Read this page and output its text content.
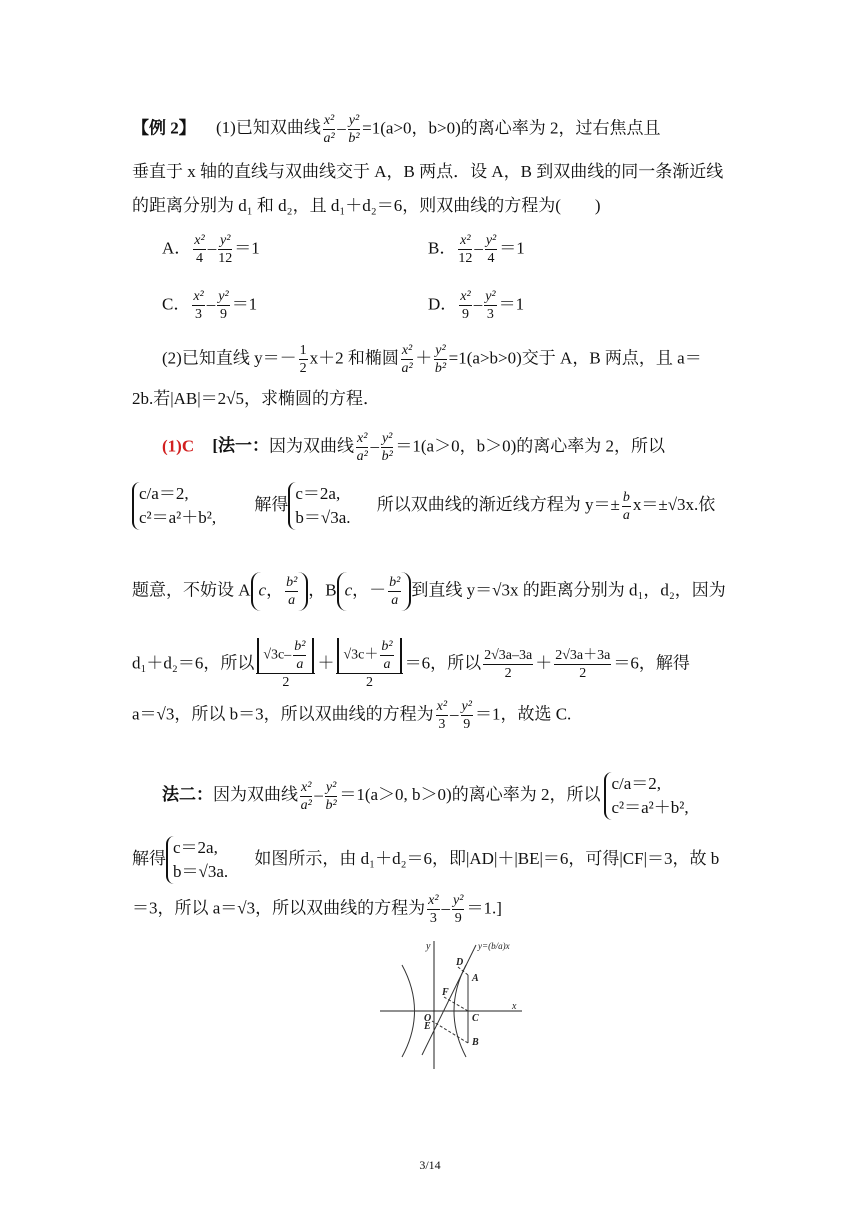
【例 2】 (1)已知双曲线 $\frac{\text{x²}}{\text{a²}} - \frac{\text{y²}}{\text{b²}} =1(a>0$，b>0)的离心率为 2，过右焦点且
垂直于 x 轴的直线与双曲线交于 A，B 两点．设 A，B 到双曲线的同一条渐近线
的距离分别为 d₁ 和 d₂，且 d₁＋d₂＝6，则双曲线的方程为(　　)
A． $\frac{\text{x²}}{4} - \frac{\text{y²}}{12} =1$	B． $\frac{\text{x²}}{12} - \frac{\text{y²}}{4} =1$
C． $\frac{\text{x²}}{3} - \frac{\text{y²}}{9} =1$	D． $\frac{\text{x²}}{9} - \frac{\text{y²}}{3} =1$
(2)已知直线 $y=- \frac{1}{2} x+2$ 和椭圆 $\frac{\text{x²}}{\text{a²}} + \frac{\text{y²}}{\text{b²}} =1(a>b>0)$交于 A，B 两点，且 a＝
2b.若|AB|＝2√5，求椭圆的方程．
(1)C [法一：因为双曲线 $\frac{\text{x²}}{\text{a²}} - \frac{\text{y²}}{\text{b²}} =1(a>0$，b＞0)的离心率为 2，所以
c/a＝2,
c²＝a²＋b², 解得c＝2a,
b＝√3a. 所以双曲线的渐近线方程为 $y=\pm \frac{b}{a} x=\pm√3x$.依
题意，不妨设 A c， $\frac{\text{b²}}{a}$ ，B c，－ $\frac{\text{b²}}{a}$ 到直线 y＝√3x 的距离分别为 d₁，d₂，因为
d₁＋d₂＝6，所以 $\frac{√3c- \frac{\text{b²}}{a}}{2} + \frac{√3c+ \frac{\text{b²}}{a}}{2} =6$，所以 $\frac{2√3a-3a}{2} + \frac{2√3a+3a}{2} =6$，解得
a＝√3，所以 b＝3，所以双曲线的方程为 $\frac{\text{x²}}{3} - \frac{\text{y²}}{9} =1$，故选 C.
法二：因为双曲线 $\frac{\text{x²}}{\text{a²}} - \frac{\text{y²}}{\text{b²}} =1(a>0$, b＞0)的离心率为 2，所以c/a＝2,
c²＝a²＋b²,
解得c＝2a,
b＝√3a. 如图所示，由 d₁＋d₂＝6，即|AD|＋|BE|＝6，可得|CF|＝3，故 b
＝3，所以 a＝√3，所以双曲线的方程为 $\frac{\text{x²}}{3} - \frac{\text{y²}}{9} =1$.]
y
x
O
E
F
D
A
C
B
y=(b/a)x
3/14
